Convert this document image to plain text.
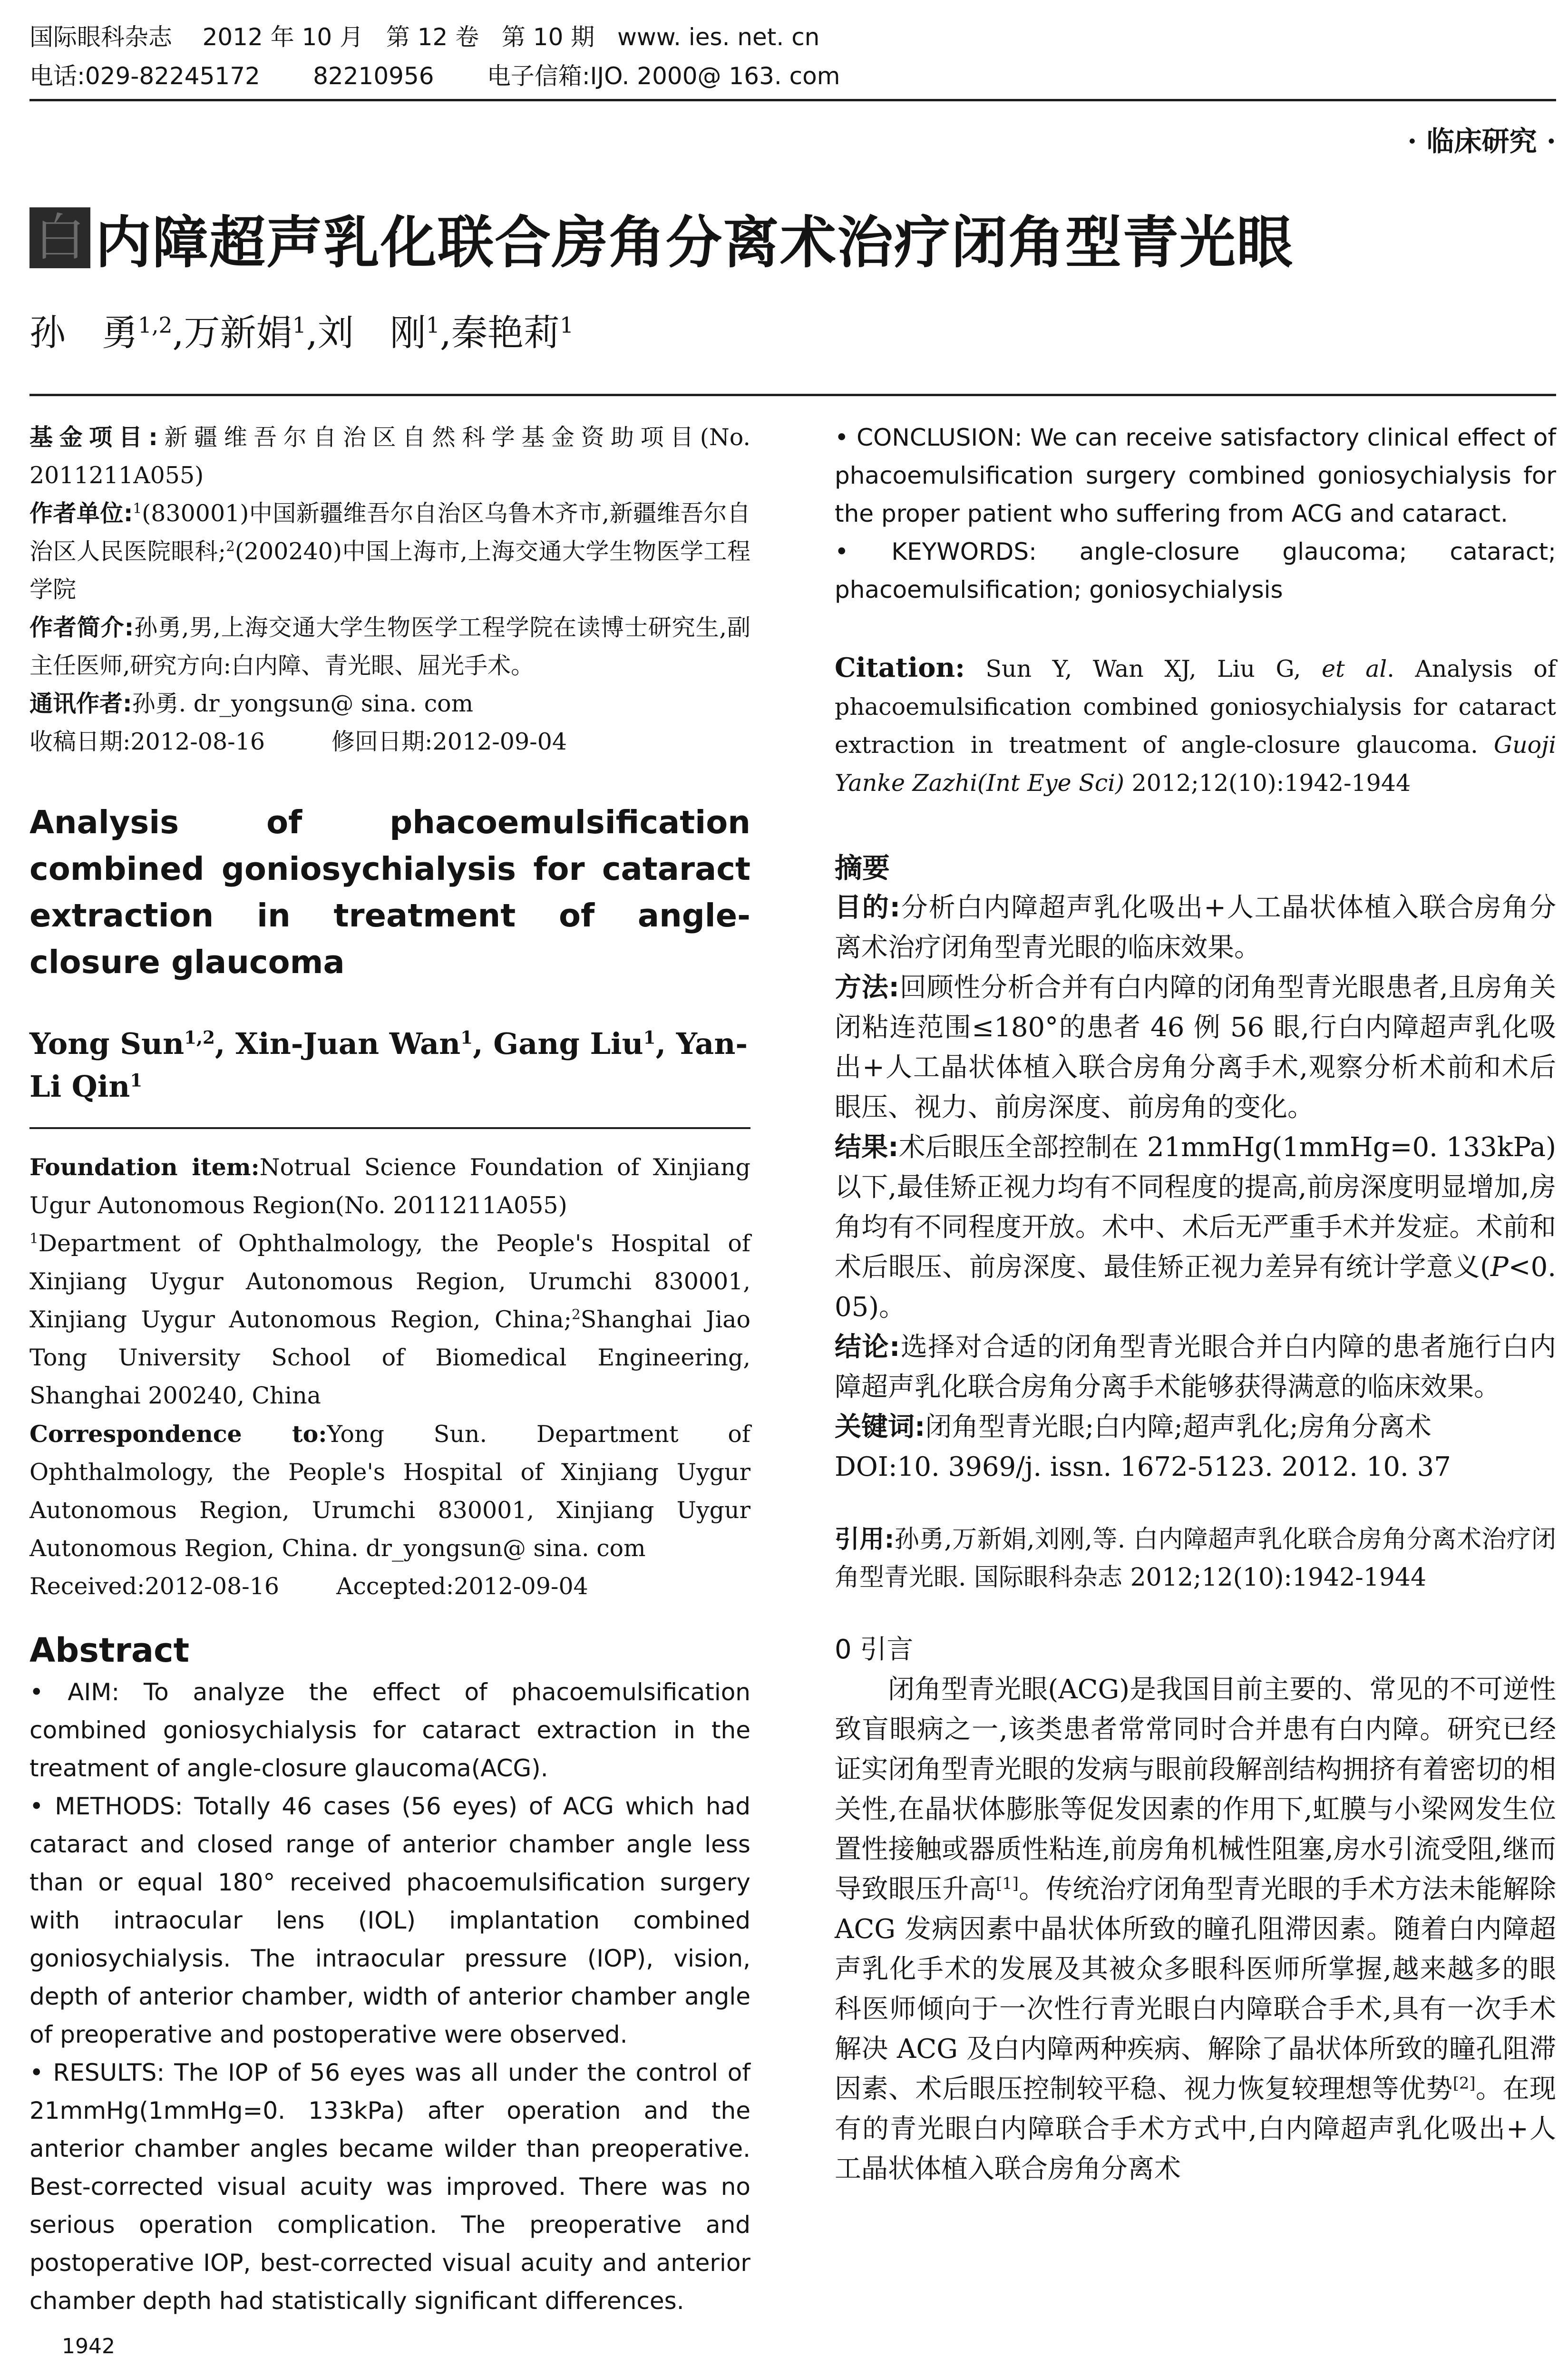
国际眼科杂志    2012 年 10 月   第 12 卷   第 10 期   www. ies. net. cn
电话:029-82245172       82210956       电子信箱:IJO. 2000@ 163. com
· 临床研究 ·
白 内障超声乳化联合房角分离术治疗闭角型青光眼
孙　勇$^{1,2}$,万新娟$^1$,刘　刚$^1$,秦艳莉$^1$

基金项目:新疆维吾尔自治区自然科学基金资助项目(No. 2011211A055)

作者单位:$^1$(830001)中国新疆维吾尔自治区乌鲁木齐市,新疆维吾尔自治区人民医院眼科;$^2$(200240)中国上海市,上海交通大学生物医学工程学院

作者简介:孙勇,男,上海交通大学生物医学工程学院在读博士研究生,副主任医师,研究方向:白内障、青光眼、屈光手术。

通讯作者:孙勇. dr_yongsun@ sina. com

收稿日期:2012-08-16	修回日期:2012-09-04

Analysis of phacoemulsification combined goniosychialysis for cataract extraction in treatment of angle-closure glaucoma
Yong Sun$^{1,2}$, Xin-Juan Wan$^1$, Gang Liu$^1$, Yan-Li Qin$^1$

Foundation item:Notrual Science Foundation of Xinjiang Ugur Autonomous Region(No. 2011211A055)

$^1$Department of Ophthalmology, the People's Hospital of Xinjiang Uygur Autonomous Region, Urumchi 830001, Xinjiang Uygur Autonomous Region, China;$^2$Shanghai Jiao Tong University School of Biomedical Engineering, Shanghai 200240, China

Correspondence to:Yong Sun. Department of Ophthalmology, the People's Hospital of Xinjiang Uygur Autonomous Region, Urumchi 830001, Xinjiang Uygur Autonomous Region, China. dr_yongsun@ sina. com

Received:2012-08-16 Accepted:2012-09-04

Abstract

• AIM: To analyze the effect of phacoemulsification combined goniosychialysis for cataract extraction in the treatment of angle-closure glaucoma(ACG).

• METHODS: Totally 46 cases (56 eyes) of ACG which had cataract and closed range of anterior chamber angle less than or equal 180° received phacoemulsification surgery with intraocular lens (IOL) implantation combined goniosychialysis. The intraocular pressure (IOP), vision, depth of anterior chamber, width of anterior chamber angle of preoperative and postoperative were observed.

• RESULTS: The IOP of 56 eyes was all under the control of 21mmHg(1mmHg=0. 133kPa) after operation and the anterior chamber angles became wilder than preoperative. Best-corrected visual acuity was improved. There was no serious operation complication. The preoperative and postoperative IOP, best-corrected visual acuity and anterior chamber depth had statistically significant differences.

1942

• CONCLUSION: We can receive satisfactory clinical effect of phacoemulsification surgery combined goniosychialysis for the proper patient who suffering from ACG and cataract.

• KEYWORDS: angle-closure glaucoma; cataract; phacoemulsification; goniosychialysis

Citation: Sun Y, Wan XJ, Liu G, et al. Analysis of phacoemulsification combined goniosychialysis for cataract extraction in treatment of angle-closure glaucoma. Guoji Yanke Zazhi(Int Eye Sci) 2012;12(10):1942-1944

摘要

目的:分析白内障超声乳化吸出+人工晶状体植入联合房角分离术治疗闭角型青光眼的临床效果。

方法:回顾性分析合并有白内障的闭角型青光眼患者,且房角关闭粘连范围≤180°的患者 46 例 56 眼,行白内障超声乳化吸出+人工晶状体植入联合房角分离手术,观察分析术前和术后眼压、视力、前房深度、前房角的变化。

结果:术后眼压全部控制在 21mmHg(1mmHg=0. 133kPa)以下,最佳矫正视力均有不同程度的提高,前房深度明显增加,房角均有不同程度开放。术中、术后无严重手术并发症。术前和术后眼压、前房深度、最佳矫正视力差异有统计学意义(P<0. 05)。

结论:选择对合适的闭角型青光眼合并白内障的患者施行白内障超声乳化联合房角分离手术能够获得满意的临床效果。

关键词:闭角型青光眼;白内障;超声乳化;房角分离术

DOI:10. 3969/j. issn. 1672-5123. 2012. 10. 37

引用:孙勇,万新娟,刘刚,等. 白内障超声乳化联合房角分离术治疗闭角型青光眼. 国际眼科杂志 2012;12(10):1942-1944

0 引言

闭角型青光眼(ACG)是我国目前主要的、常见的不可逆性致盲眼病之一,该类患者常常同时合并患有白内障。研究已经证实闭角型青光眼的发病与眼前段解剖结构拥挤有着密切的相关性,在晶状体膨胀等促发因素的作用下,虹膜与小梁网发生位置性接触或器质性粘连,前房角机械性阻塞,房水引流受阻,继而导致眼压升高[1]。传统治疗闭角型青光眼的手术方法未能解除 ACG 发病因素中晶状体所致的瞳孔阻滞因素。随着白内障超声乳化手术的发展及其被众多眼科医师所掌握,越来越多的眼科医师倾向于一次性行青光眼白内障联合手术,具有一次手术解决 ACG 及白内障两种疾病、解除了晶状体所致的瞳孔阻滞因素、术后眼压控制较平稳、视力恢复较理想等优势[2]。在现有的青光眼白内障联合手术方式中,白内障超声乳化吸出+人工晶状体植入联合房角分离术
